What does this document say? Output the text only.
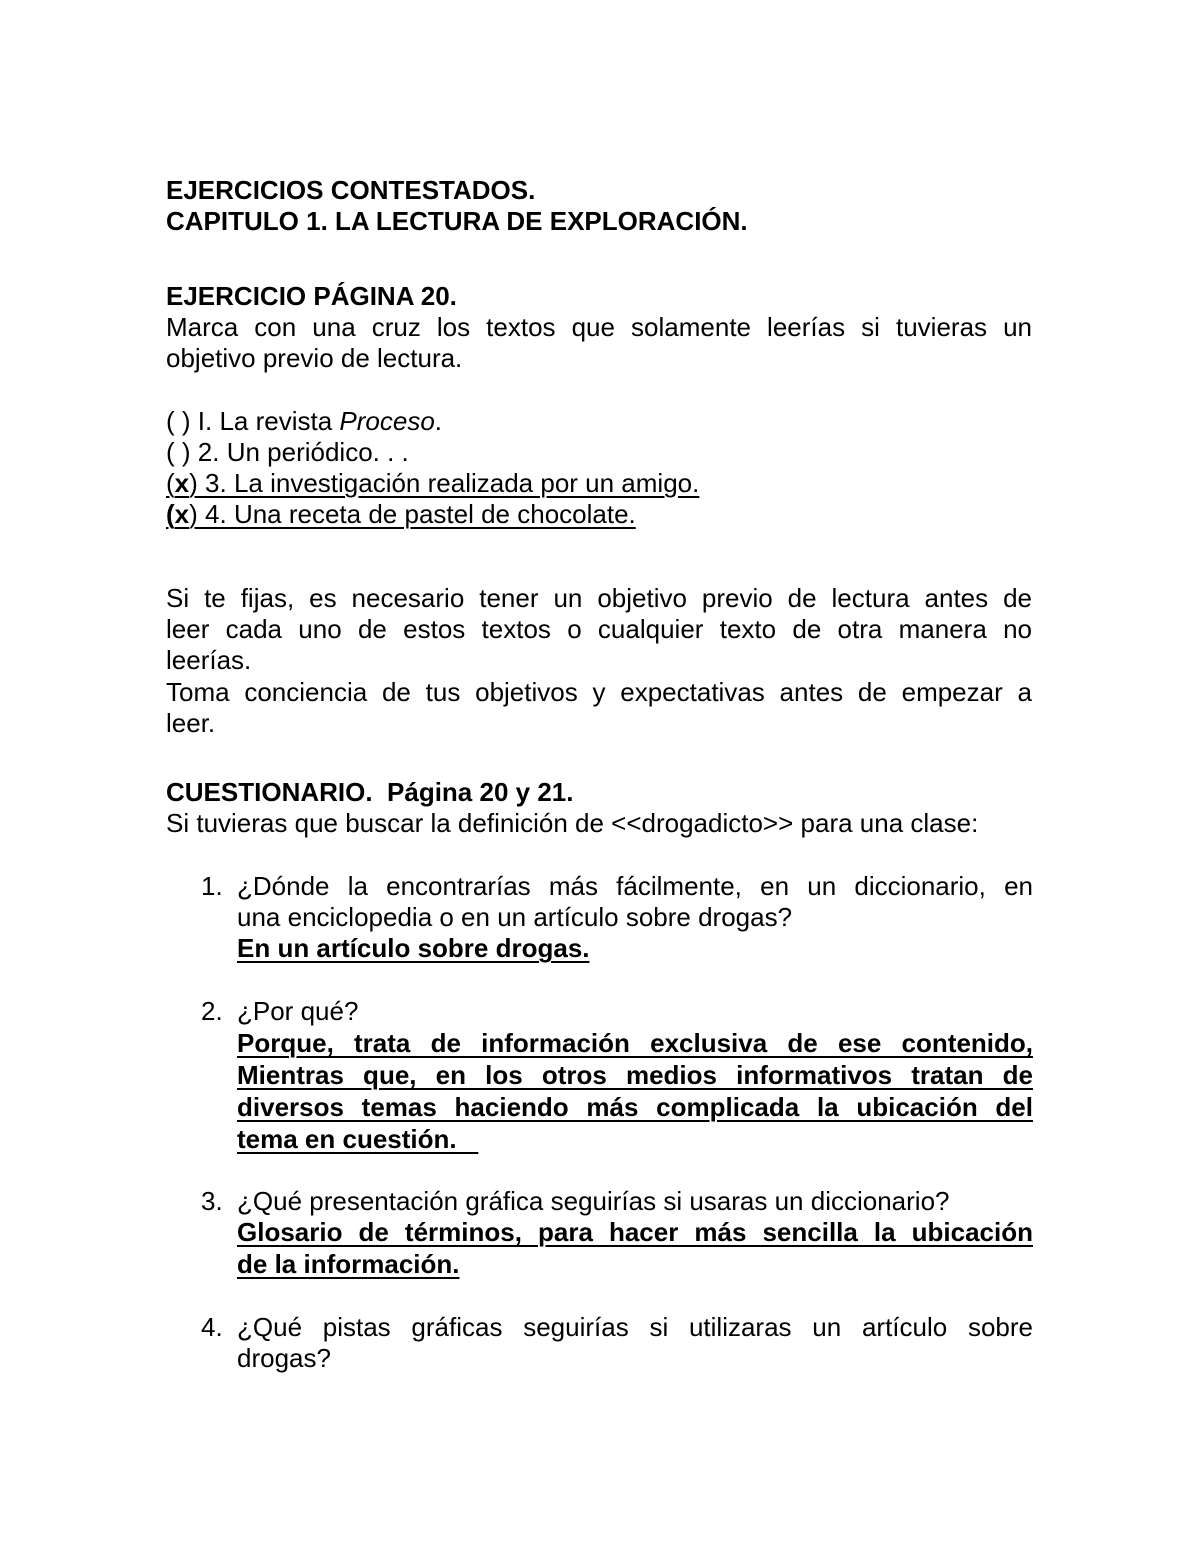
EJERCICIOS CONTESTADOS.
CAPITULO 1. LA LECTURA DE EXPLORACIÓN.
EJERCICIO PÁGINA 20.
Marca con una cruz los textos que solamente leerías si tuvieras un
objetivo previo de lectura.
( ) I. La revista Proceso.
( ) 2. Un periódico. . .
(x) 3. La investigación realizada por un amigo.
(x) 4. Una receta de pastel de chocolate.
Si te fijas, es necesario tener un objetivo previo de lectura antes de
leer cada uno de estos textos o cualquier texto de otra manera no
leerías.
Toma conciencia de tus objetivos y expectativas antes de empezar a
leer.
CUESTIONARIO.  Página 20 y 21.
Si tuvieras que buscar la definición de <<drogadicto>> para una clase:
1. ¿Dónde la encontrarías más fácilmente, en un diccionario, en
una enciclopedia o en un artículo sobre drogas?
En un artículo sobre drogas.
2. ¿Por qué?
Porque, trata de información exclusiva de ese contenido,
Mientras que, en los otros medios informativos tratan de
diversos temas haciendo más complicada la ubicación del
tema en cuestión.
3. ¿Qué presentación gráfica seguirías si usaras un diccionario?
Glosario de términos, para hacer más sencilla la ubicación
de la información.
4. ¿Qué pistas gráficas seguirías si utilizaras un artículo sobre
drogas?
